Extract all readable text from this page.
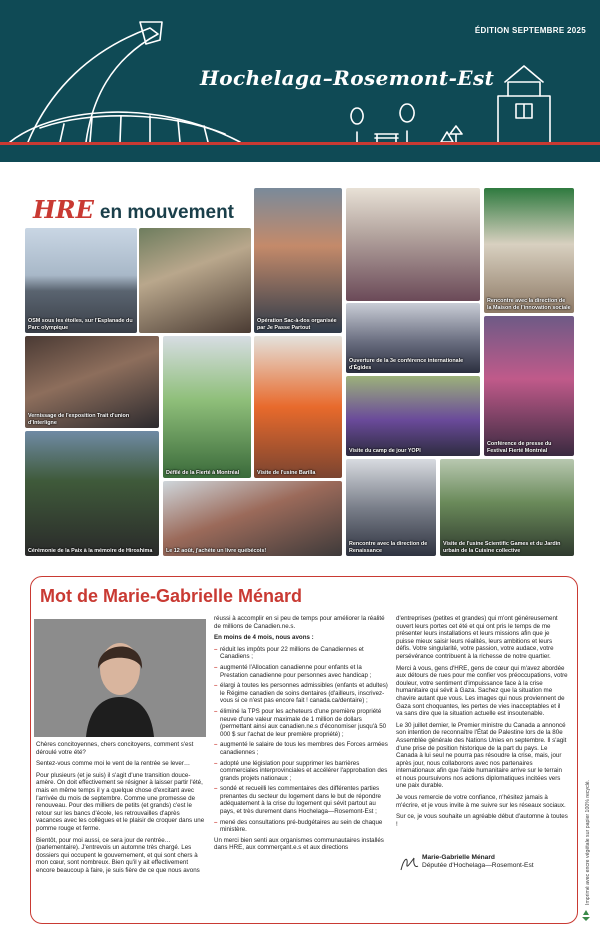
ÉDITION SEPTEMBRE 2025
Hochelaga–Rosemont-Est
HRE en mouvement
OSM sous les étoiles, sur l'Esplanade du Parc olympique
Opération Sac-à-dos organisée par Je Passe Partout
Rencontre avec la direction de la Maison de l'innovation sociale
Vernissage de l'exposition Trait d'union d'Interligne
Ouverture de la 3e conférence internationale d'Égides
Défilé de la Fierté à Montréal	Visite de l'usine Barilla
Visite du camp de jour YOPI
Conférence de presse du Festival Fierté Montréal
Cérémonie de la Paix à la mémoire de Hiroshima	Le 12 août, j'achète un livre québécois!
Rencontre avec la direction de Renaissance
Visite de l'usine Scientific Games et du Jardin urbain de la Cuisine collective
Mot de Marie-Gabrielle Ménard

Chères concitoyennes, chers concitoyens, comment s'est déroulé votre été?

Sentez-vous comme moi le vent de la rentrée se lever…

Pour plusieurs (et je suis) il s'agit d'une transition douce-amère. On doit effectivement se résigner à laisser partir l'été, mais en même temps il y a quelque chose d'excitant avec l'arrivée du mois de septembre. Comme une promesse de renouveau. Pour des milliers de petits (et grands) c'est le retour sur les bancs d'école, les retrouvailles d'après vacances avec les collègues et le plaisir de croquer dans une pomme rouge et ferme.

Bientôt, pour moi aussi, ce sera jour de rentrée… (parlementaire). J'entrevois un automne très chargé. Les dossiers qui occupent le gouvernement, et qui sont chers à mon cœur, sont nombreux. Bien qu'il y ait effectivement encore beaucoup à faire, je suis fière de ce que nous avons

réussi à accomplir en si peu de temps pour améliorer la réalité de millions de Canadien.ne.s.

En moins de 4 mois, nous avons :

– réduit les impôts pour 22 millions de Canadiennes et Canadiens ;
– augmenté l'Allocation canadienne pour enfants et la Prestation canadienne pour personnes avec handicap ;
– élargi à toutes les personnes admissibles (enfants et adultes) le Régime canadien de soins dentaires (d'ailleurs, inscrivez-vous si ce n'est pas encore fait ! canada.ca/dentaire) ;
– éliminé la TPS pour les acheteurs d'une première propriété neuve d'une valeur maximale de 1 million de dollars (permettant ainsi aux canadien.ne.s d'économiser jusqu'à 50 000 $ sur l'achat de leur première propriété) ;
– augmenté le salaire de tous les membres des Forces armées canadiennes ;
– adopté une législation pour supprimer les barrières commerciales interprovinciales et accélérer l'approbation des grands projets nationaux ;
– sondé et recueilli les commentaires des différentes parties prenantes du secteur du logement dans le but de répondre adéquatement à la crise du logement qui sévit partout au pays, et très durement dans Hochelaga—Rosemont-Est ;
– mené des consultations pré-budgétaires au sein de chaque ministère.

Un merci bien senti aux organismes communautaires installés dans HRE, aux commerçant.e.s et aux directions

d'entreprises (petites et grandes) qui m'ont généreusement ouvert leurs portes cet été et qui ont pris le temps de me présenter leurs installations et leurs missions afin que je puisse mieux saisir leurs réalités, leurs ambitions et leurs défis. Votre singularité, votre passion, votre audace, votre persévérance contribuent à la richesse de notre quartier.

Merci à vous, gens d'HRE, gens de cœur qui m'avez abordée aux détours de rues pour me confier vos préoccupations, votre douleur, votre sentiment d'impuissance face à la crise humanitaire qui sévit à Gaza. Sachez que la situation me chavire autant que vous. Les images qui nous proviennent de Gaza sont choquantes, les pertes de vies inacceptables et il va sans dire que la situation actuelle est insoutenable.

Le 30 juillet dernier, le Premier ministre du Canada a annoncé son intention de reconnaître l'État de Palestine lors de la 80e Assemblée générale des Nations Unies en septembre. Il s'agit d'une prise de position historique de la part du pays. Le Canada à lui seul ne pourra pas résoudre la crise, mais, jour après jour, nous collaborons avec nos partenaires internationaux afin que l'aide humanitaire arrive sur le terrain et nous poursuivons nos actions diplomatiques incitées vers une paix durable.

Je vous remercie de votre confiance, n'hésitez jamais à m'écrire, et je vous invite à me suivre sur les réseaux sociaux.

Sur ce, je vous souhaite un agréable début d'automne à toutes !

Marie-Gabrielle Ménard
Députée d'Hochelaga—Rosemont-Est	Imprimé avec encre végétale sur papier 100% recyclé.
